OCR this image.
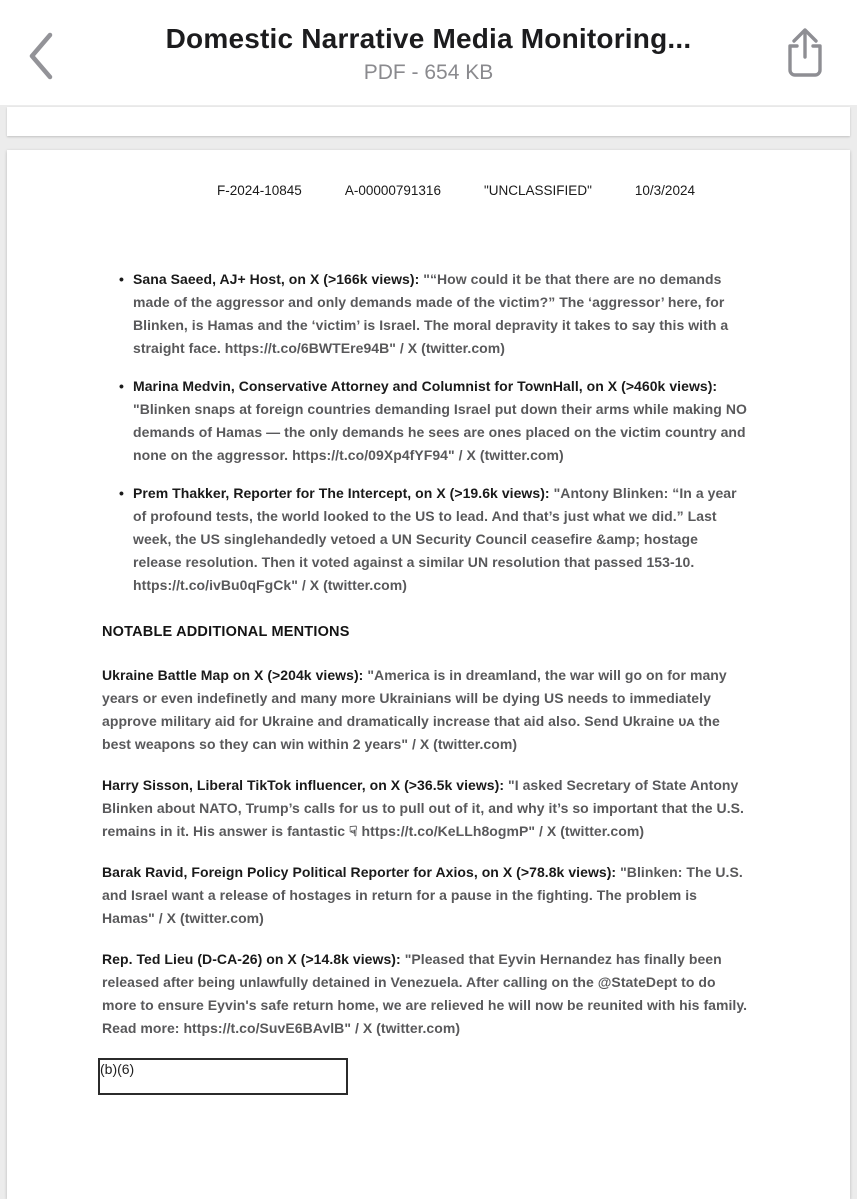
Domestic Narrative Media Monitoring...
PDF - 654 KB
F-2024-10845	A-00000791316	"UNCLASSIFIED"	10/3/2024
• Sana Saeed, AJ+ Host, on X (>166k views): "“How could it be that there are no demands made of the aggressor and only demands made of the victim?” The ‘aggressor’ here, for Blinken, is Hamas and the ‘victim’ is Israel. The moral depravity it takes to say this with a straight face. https://t.co/6BWTEre94B" / X (twitter.com)
• Marina Medvin, Conservative Attorney and Columnist for TownHall, on X (>460k views): "Blinken snaps at foreign countries demanding Israel put down their arms while making NO demands of Hamas — the only demands he sees are ones placed on the victim country and none on the aggressor. https://t.co/09Xp4fYF94" / X (twitter.com)
• Prem Thakker, Reporter for The Intercept, on X (>19.6k views): "Antony Blinken: “In a year of profound tests, the world looked to the US to lead. And that’s just what we did.” Last week, the US singlehandedly vetoed a UN Security Council ceasefire &amp; hostage release resolution. Then it voted against a similar UN resolution that passed 153-10. https://t.co/ivBu0qFgCk" / X (twitter.com)
NOTABLE ADDITIONAL MENTIONS

Ukraine Battle Map on X (>204k views): "America is in dreamland, the war will go on for many years or even indefinetly and many more Ukrainians will be dying US needs to immediately approve military aid for Ukraine and dramatically increase that aid also. Send Ukraine ᴜᴀ the best weapons so they can win within 2 years" / X (twitter.com)

Harry Sisson, Liberal TikTok influencer, on X (>36.5k views): "I asked Secretary of State Antony Blinken about NATO, Trump’s calls for us to pull out of it, and why it’s so important that the U.S. remains in it. His answer is fantastic ☟ https://t.co/KeLLh8ogmP" / X (twitter.com)

Barak Ravid, Foreign Policy Political Reporter for Axios, on X (>78.8k views): "Blinken: The U.S. and Israel want a release of hostages in return for a pause in the fighting. The problem is Hamas" / X (twitter.com)

Rep. Ted Lieu (D-CA-26) on X (>14.8k views): "Pleased that Eyvin Hernandez has finally been released after being unlawfully detained in Venezuela. After calling on the @StateDept to do more to ensure Eyvin's safe return home, we are relieved he will now be reunited with his family. Read more: https://t.co/SuvE6BAvlB" / X (twitter.com)

(b)(6)
